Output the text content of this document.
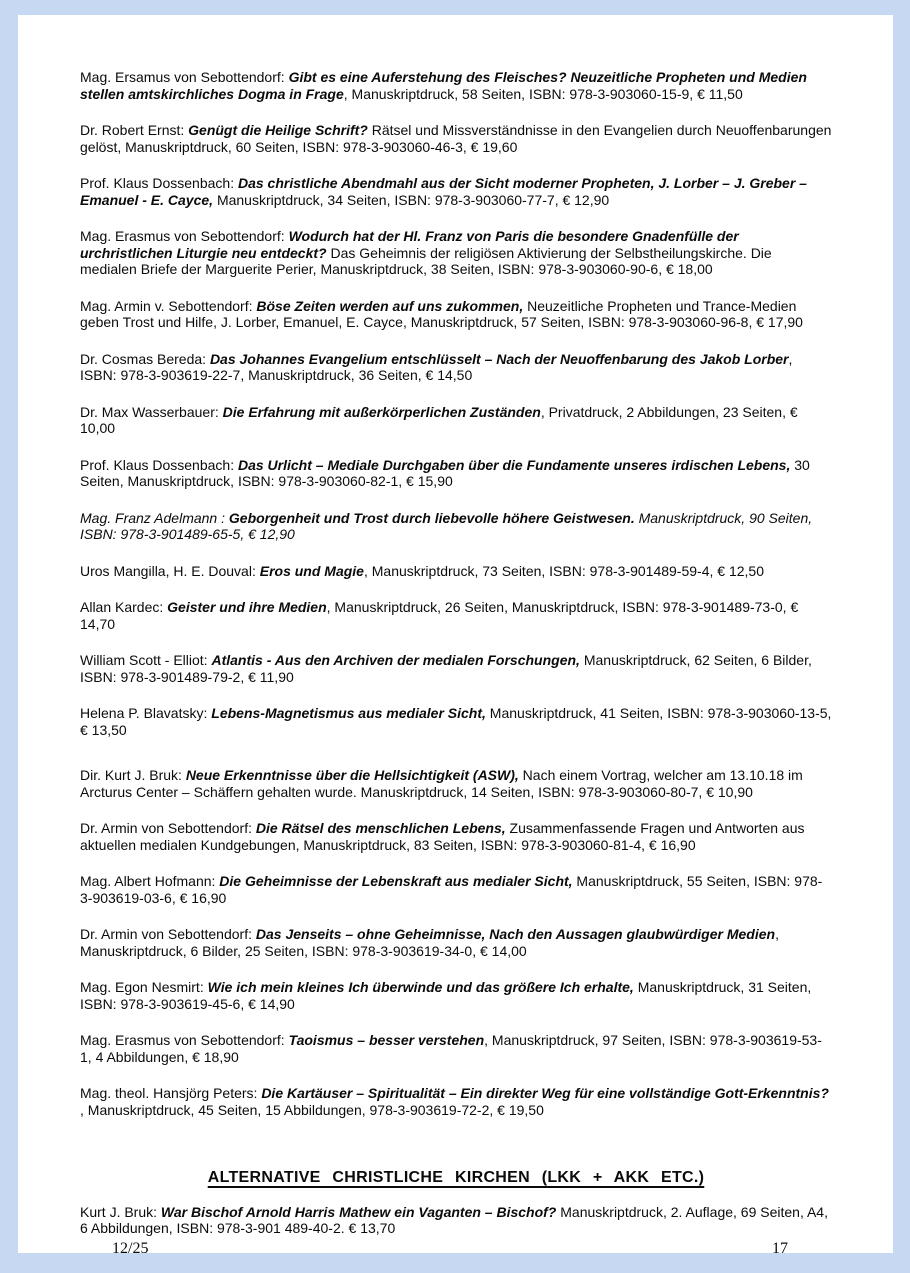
Mag. Ersamus von Sebottendorf: Gibt es eine Auferstehung des Fleisches? Neuzeitliche Propheten und Medien stellen amtskirchliches Dogma in Frage, Manuskriptdruck, 58 Seiten, ISBN: 978-3-903060-15-9, € 11,50

Dr. Robert Ernst: Genügt die Heilige Schrift? Rätsel und Missverständnisse in den Evangelien durch Neuoffenbarungen gelöst, Manuskriptdruck, 60 Seiten, ISBN: 978-3-903060-46-3, € 19,60

Prof. Klaus Dossenbach: Das christliche Abendmahl aus der Sicht moderner Propheten, J. Lorber – J. Greber – Emanuel - E. Cayce, Manuskriptdruck, 34 Seiten, ISBN: 978-3-903060-77-7, € 12,90

Mag. Erasmus von Sebottendorf: Wodurch hat der Hl. Franz von Paris die besondere Gnadenfülle der urchristlichen Liturgie neu entdeckt? Das Geheimnis der religiösen Aktivierung der Selbstheilungskirche. Die medialen Briefe der Marguerite Perier, Manuskriptdruck, 38 Seiten, ISBN: 978-3-903060-90-6, € 18,00

Mag. Armin v. Sebottendorf: Böse Zeiten werden auf uns zukommen, Neuzeitliche Propheten und Trance-Medien geben Trost und Hilfe, J. Lorber, Emanuel, E. Cayce, Manuskriptdruck, 57 Seiten, ISBN: 978-3-903060-96-8, € 17,90

Dr. Cosmas Bereda: Das Johannes Evangelium entschlüsselt – Nach der Neuoffenbarung des Jakob Lorber, ISBN: 978-3-903619-22-7, Manuskriptdruck, 36 Seiten, € 14,50

Dr. Max Wasserbauer: Die Erfahrung mit außerkörperlichen Zuständen, Privatdruck, 2 Abbildungen, 23 Seiten, € 10,00

Prof. Klaus Dossenbach: Das Urlicht – Mediale Durchgaben über die Fundamente unseres irdischen Lebens, 30 Seiten, Manuskriptdruck, ISBN: 978-3-903060-82-1, € 15,90

Mag. Franz Adelmann : Geborgenheit und Trost durch liebevolle höhere Geistwesen. Manuskriptdruck, 90 Seiten, ISBN: 978-3-901489-65-5, € 12,90

Uros Mangilla, H. E. Douval: Eros und Magie, Manuskriptdruck, 73 Seiten, ISBN: 978-3-901489-59-4, € 12,50

Allan Kardec: Geister und ihre Medien, Manuskriptdruck, 26 Seiten, Manuskriptdruck, ISBN: 978-3-901489-73-0, € 14,70

William Scott - Elliot: Atlantis - Aus den Archiven der medialen Forschungen, Manuskriptdruck, 62 Seiten, 6 Bilder, ISBN: 978-3-901489-79-2, € 11,90

Helena P. Blavatsky: Lebens-Magnetismus aus medialer Sicht, Manuskriptdruck, 41 Seiten, ISBN: 978-3-903060-13-5, € 13,50

Dir. Kurt J. Bruk: Neue Erkenntnisse über die Hellsichtigkeit (ASW), Nach einem Vortrag, welcher am 13.10.18 im Arcturus Center – Schäffern gehalten wurde. Manuskriptdruck, 14 Seiten, ISBN: 978-3-903060-80-7, € 10,90

Dr. Armin von Sebottendorf: Die Rätsel des menschlichen Lebens, Zusammenfassende Fragen und Antworten aus aktuellen medialen Kundgebungen, Manuskriptdruck, 83 Seiten, ISBN: 978-3-903060-81-4, € 16,90

Mag. Albert Hofmann: Die Geheimnisse der Lebenskraft aus medialer Sicht, Manuskriptdruck, 55 Seiten, ISBN: 978-3-903619-03-6, € 16,90

Dr. Armin von Sebottendorf: Das Jenseits – ohne Geheimnisse, Nach den Aussagen glaubwürdiger Medien, Manuskriptdruck, 6 Bilder, 25 Seiten, ISBN: 978-3-903619-34-0, € 14,00

Mag. Egon Nesmirt: Wie ich mein kleines Ich überwinde und das größere Ich erhalte, Manuskriptdruck, 31 Seiten, ISBN: 978-3-903619-45-6, € 14,90

Mag. Erasmus von Sebottendorf: Taoismus – besser verstehen, Manuskriptdruck, 97 Seiten, ISBN: 978-3-903619-53-1, 4 Abbildungen, € 18,90

Mag. theol. Hansjörg Peters: Die Kartäuser – Spiritualität – Ein direkter Weg für eine vollständige Gott-Erkenntnis? , Manuskriptdruck, 45 Seiten, 15 Abbildungen, 978-3-903619-72-2, € 19,50

ALTERNATIVE CHRISTLICHE KIRCHEN (LKK + AKK ETC.)

Kurt J. Bruk: War Bischof Arnold Harris Mathew ein Vaganten – Bischof? Manuskriptdruck, 2. Auflage, 69 Seiten, A4, 6 Abbildungen, ISBN: 978-3-901 489-40-2. € 13,70

12/25	17
